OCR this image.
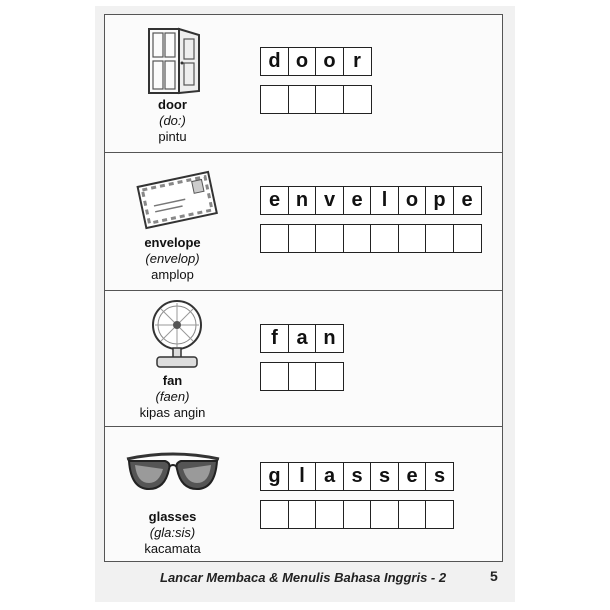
door
(do:)
pintu
d o o r
envelope
(envelop)
amplop
e n v e l o p e
fan
(faen)
kipas angin
f a n
glasses
(gla:sis)
kacamata
g l a s s e s
Lancar Membaca & Menulis Bahasa Inggris - 2	5
